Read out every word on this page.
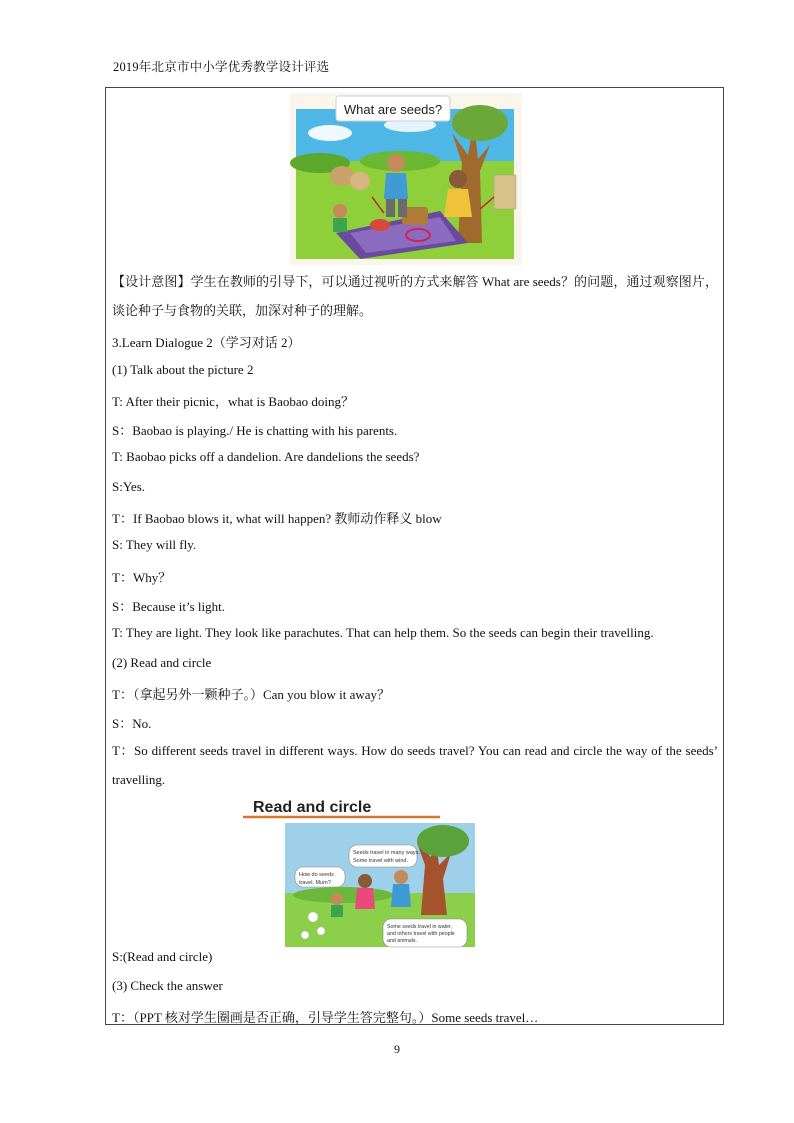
2019年北京市中小学优秀教学设计评选
What are seeds?
【设计意图】学生在教师的引导下，可以通过视听的方式来解答 What are seeds？的问题，通过观察图片，谈论种子与食物的关联，加深对种子的理解。
3.Learn Dialogue 2（学习对话 2）
(1) Talk about the picture 2
T: After their picnic，what is Baobao doing？
S：Baobao is playing./ He is chatting with his parents.
T: Baobao picks off a dandelion. Are dandelions the seeds?
S:Yes.
T：If Baobao blows it, what will happen? 教师动作释义 blow
S: They will fly.
T：Why？
S：Because it’s light.
T: They are light. They look like parachutes. That can help them. So the seeds can begin their travelling.
(2) Read and circle
T：（拿起另外一颗种子。）Can you blow it away？
S：No.
T：So different seeds travel in different ways. How do seeds travel? You can read and circle the way of the seeds’ travelling.
Read and circle
Seeds travel in many ways.
Some travel with wind.
How do seeds
travel, Mum?
Some seeds travel in water,
and others travel with people
and animals.
S:(Read and circle)
(3) Check the answer
T：（PPT 核对学生圈画是否正确，引导学生答完整句。）Some seeds travel…
9
